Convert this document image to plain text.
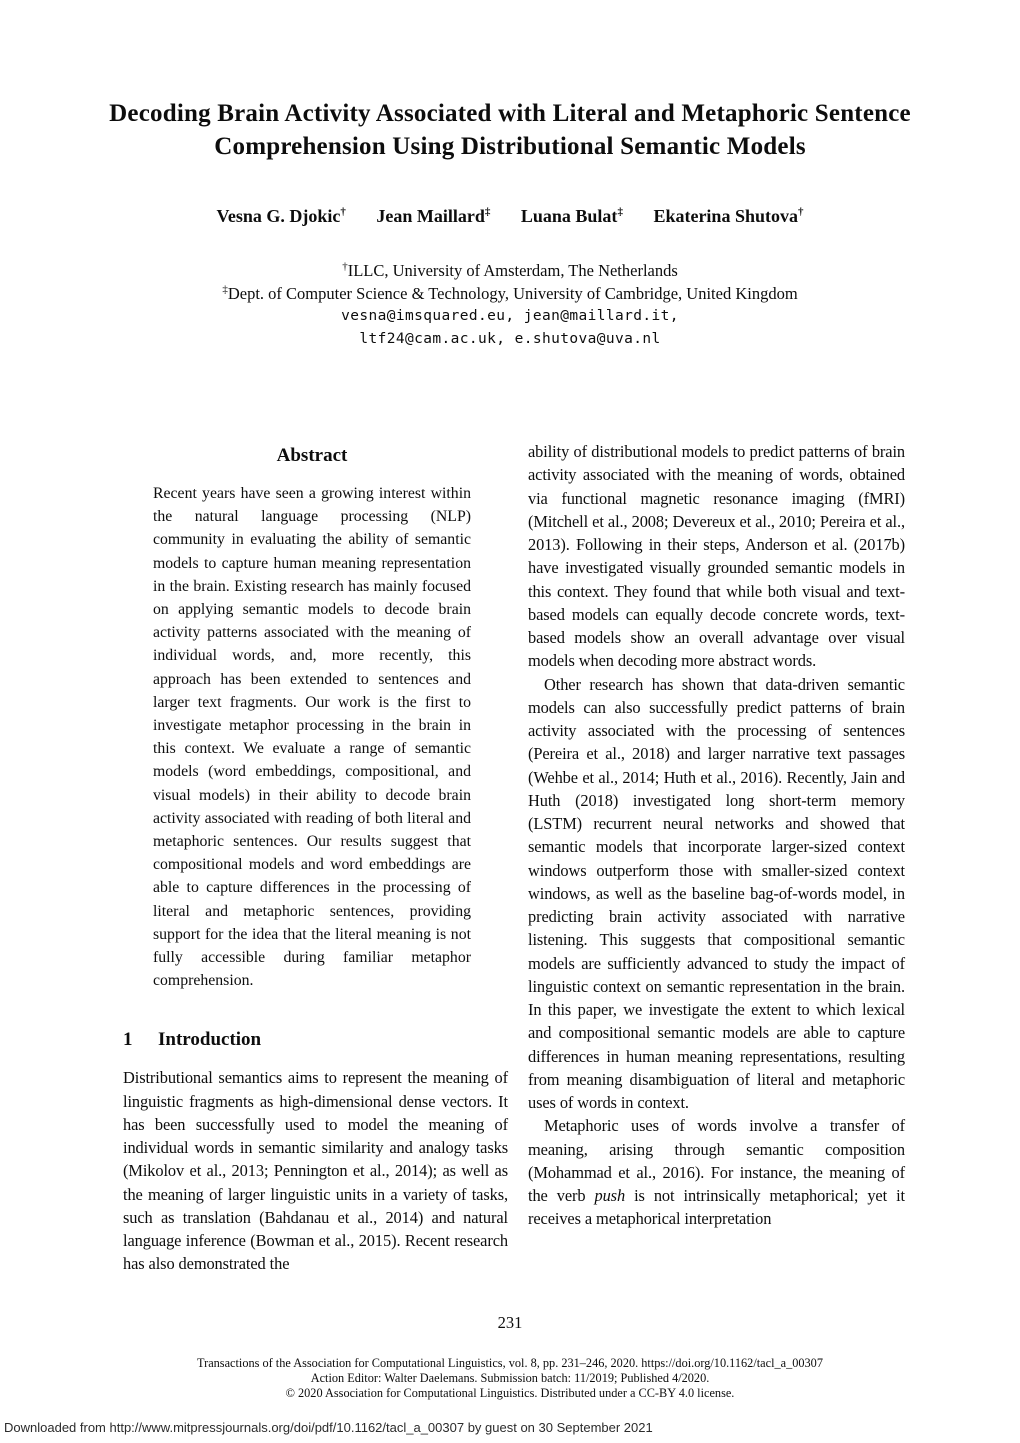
Decoding Brain Activity Associated with Literal and Metaphoric Sentence
Comprehension Using Distributional Semantic Models
Vesna G. Djokic† Jean Maillard‡ Luana Bulat‡ Ekaterina Shutova†
†ILLC, University of Amsterdam, The Netherlands
‡Dept. of Computer Science & Technology, University of Cambridge, United Kingdom
vesna@imsquared.eu, jean@maillard.it,
ltf24@cam.ac.uk, e.shutova@uva.nl
Abstract

Recent years have seen a growing interest within the natural language processing (NLP) community in evaluating the ability of semantic models to capture human meaning representation in the brain. Existing research has mainly focused on applying semantic models to decode brain activity patterns associated with the meaning of individual words, and, more recently, this approach has been extended to sentences and larger text fragments. Our work is the first to investigate metaphor processing in the brain in this context. We evaluate a range of semantic models (word embeddings, compositional, and visual models) in their ability to decode brain activity associated with reading of both literal and metaphoric sentences. Our results suggest that compositional models and word embeddings are able to capture differences in the processing of literal and metaphoric sentences, providing support for the idea that the literal meaning is not fully accessible during familiar metaphor comprehension.

1 Introduction

Distributional semantics aims to represent the meaning of linguistic fragments as high-dimensional dense vectors. It has been successfully used to model the meaning of individual words in semantic similarity and analogy tasks (Mikolov et al., 2013; Pennington et al., 2014); as well as the meaning of larger linguistic units in a variety of tasks, such as translation (Bahdanau et al., 2014) and natural language inference (Bowman et al., 2015). Recent research has also demonstrated the

ability of distributional models to predict patterns of brain activity associated with the meaning of words, obtained via functional magnetic resonance imaging (fMRI) (Mitchell et al., 2008; Devereux et al., 2010; Pereira et al., 2013). Following in their steps, Anderson et al. (2017b) have investigated visually grounded semantic models in this context. They found that while both visual and text-based models can equally decode concrete words, text-based models show an overall advantage over visual models when decoding more abstract words.

Other research has shown that data-driven semantic models can also successfully predict patterns of brain activity associated with the processing of sentences (Pereira et al., 2018) and larger narrative text passages (Wehbe et al., 2014; Huth et al., 2016). Recently, Jain and Huth (2018) investigated long short-term memory (LSTM) recurrent neural networks and showed that semantic models that incorporate larger-sized context windows outperform those with smaller-sized context windows, as well as the baseline bag-of-words model, in predicting brain activity associated with narrative listening. This suggests that compositional semantic models are sufficiently advanced to study the impact of linguistic context on semantic representation in the brain. In this paper, we investigate the extent to which lexical and compositional semantic models are able to capture differences in human meaning representations, resulting from meaning disambiguation of literal and metaphoric uses of words in context.

Metaphoric uses of words involve a transfer of meaning, arising through semantic composition (Mohammad et al., 2016). For instance, the meaning of the verb push is not intrinsically metaphorical; yet it receives a metaphorical interpretation

231
Transactions of the Association for Computational Linguistics, vol. 8, pp. 231–246, 2020. https://doi.org/10.1162/tacl_a_00307
Action Editor: Walter Daelemans. Submission batch: 11/2019; Published 4/2020.
© 2020 Association for Computational Linguistics. Distributed under a CC-BY 4.0 license.
Downloaded from http://www.mitpressjournals.org/doi/pdf/10.1162/tacl_a_00307 by guest on 30 September 2021
